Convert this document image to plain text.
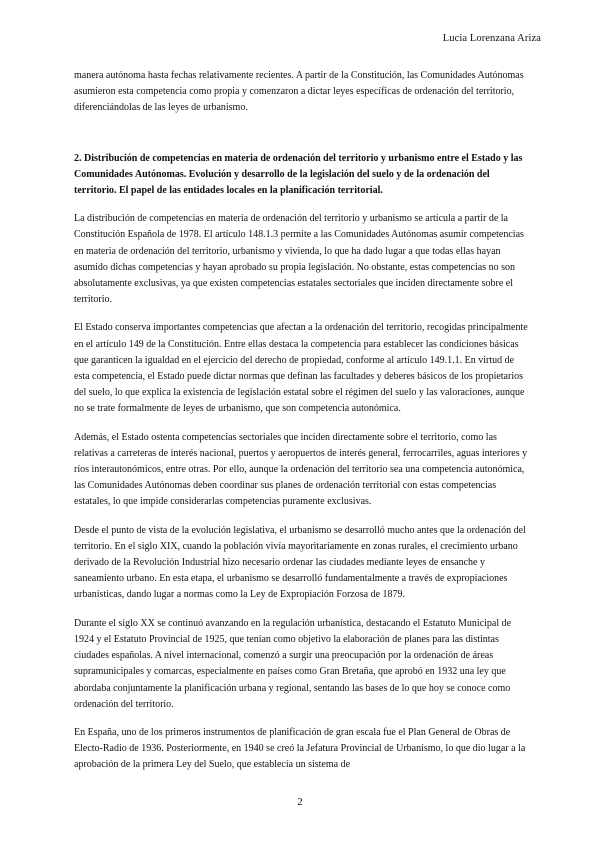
Lucia Lorenzana Ariza

manera autónoma hasta fechas relativamente recientes. A partir de la Constitución, las Comunidades Autónomas asumieron esta competencia como propia y comenzaron a dictar leyes específicas de ordenación del territorio, diferenciándolas de las leyes de urbanismo.

2. Distribución de competencias en materia de ordenación del territorio y urbanismo entre el Estado y las Comunidades Autónomas. Evolución y desarrollo de la legislación del suelo y de la ordenación del territorio. El papel de las entidades locales en la planificación territorial.

La distribución de competencias en materia de ordenación del territorio y urbanismo se articula a partir de la Constitución Española de 1978. El artículo 148.1.3 permite a las Comunidades Autónomas asumir competencias en materia de ordenación del territorio, urbanismo y vivienda, lo que ha dado lugar a que todas ellas hayan asumido dichas competencias y hayan aprobado su propia legislación. No obstante, estas competencias no son absolutamente exclusivas, ya que existen competencias estatales sectoriales que inciden directamente sobre el territorio.

El Estado conserva importantes competencias que afectan a la ordenación del territorio, recogidas principalmente en el artículo 149 de la Constitución. Entre ellas destaca la competencia para establecer las condiciones básicas que garanticen la igualdad en el ejercicio del derecho de propiedad, conforme al artículo 149.1.1. En virtud de esta competencia, el Estado puede dictar normas que definan las facultades y deberes básicos de los propietarios del suelo, lo que explica la existencia de legislación estatal sobre el régimen del suelo y las valoraciones, aunque no se trate formalmente de leyes de urbanismo, que son competencia autonómica.

Además, el Estado ostenta competencias sectoriales que inciden directamente sobre el territorio, como las relativas a carreteras de interés nacional, puertos y aeropuertos de interés general, ferrocarriles, aguas interiores y ríos interautonómicos, entre otras. Por ello, aunque la ordenación del territorio sea una competencia autonómica, las Comunidades Autónomas deben coordinar sus planes de ordenación territorial con estas competencias estatales, lo que impide considerarlas competencias puramente exclusivas.

Desde el punto de vista de la evolución legislativa, el urbanismo se desarrolló mucho antes que la ordenación del territorio. En el siglo XIX, cuando la población vivía mayoritariamente en zonas rurales, el crecimiento urbano derivado de la Revolución Industrial hizo necesario ordenar las ciudades mediante leyes de ensanche y saneamiento urbano. En esta etapa, el urbanismo se desarrolló fundamentalmente a través de expropiaciones urbanísticas, dando lugar a normas como la Ley de Expropiación Forzosa de 1879.

Durante el siglo XX se continuó avanzando en la regulación urbanística, destacando el Estatuto Municipal de 1924 y el Estatuto Provincial de 1925, que tenían como objetivo la elaboración de planes para las distintas ciudades españolas. A nivel internacional, comenzó a surgir una preocupación por la ordenación de áreas supramunicipales y comarcas, especialmente en países como Gran Bretaña, que aprobó en 1932 una ley que abordaba conjuntamente la planificación urbana y regional, sentando las bases de lo que hoy se conoce como ordenación del territorio.

En España, uno de los primeros instrumentos de planificación de gran escala fue el Plan General de Obras de Electo-Radio de 1936. Posteriormente, en 1940 se creó la Jefatura Provincial de Urbanismo, lo que dio lugar a la aprobación de la primera Ley del Suelo, que establecía un sistema de

2
